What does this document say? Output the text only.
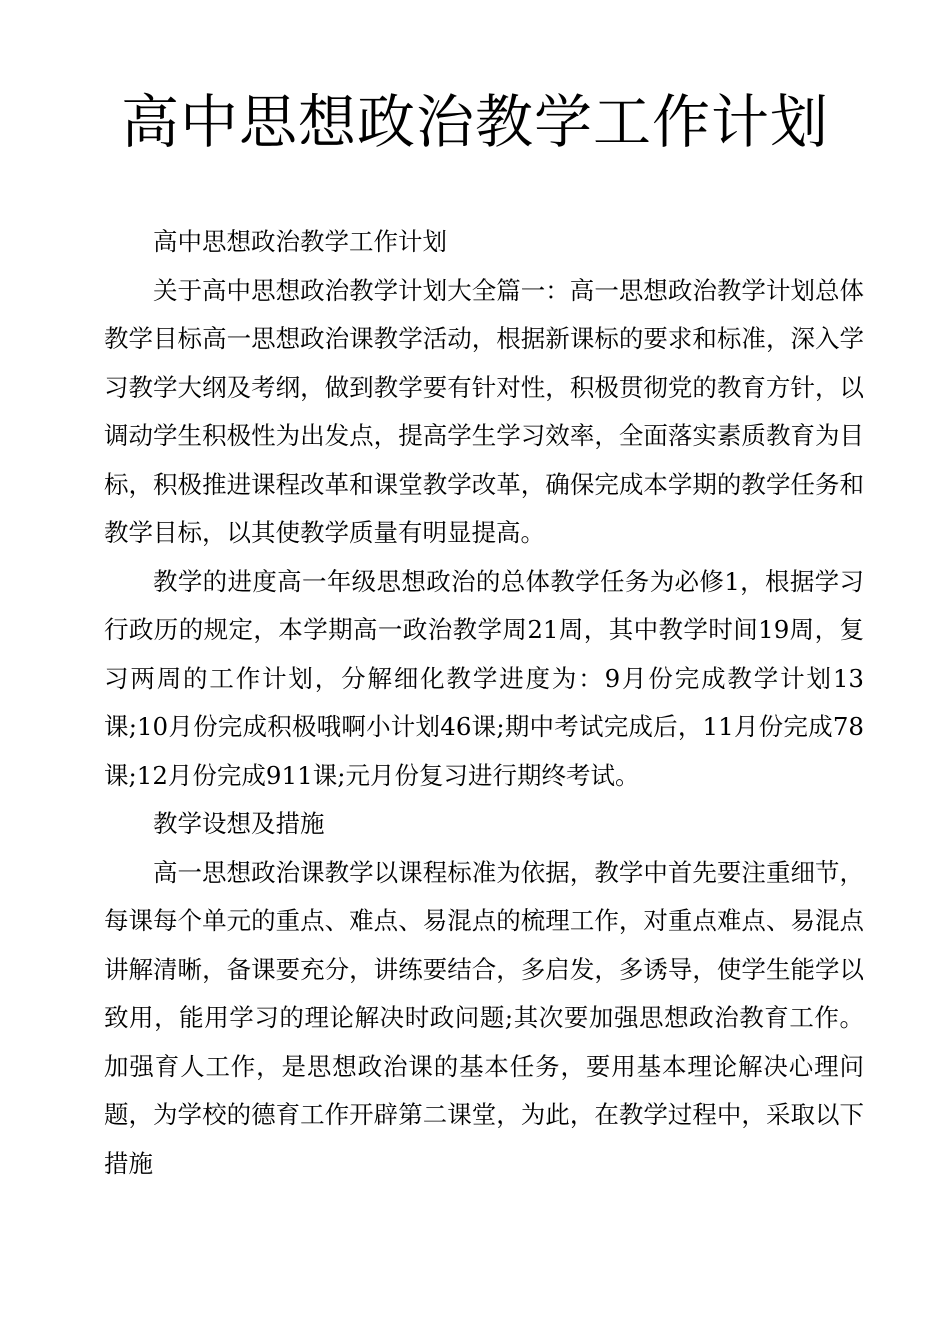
高中思想政治教学工作计划

高中思想政治教学工作计划

关于高中思想政治教学计划大全篇一：高一思想政治教学计划总体教学目标高一思想政治课教学活动，根据新课标的要求和标准，深入学习教学大纲及考纲，做到教学要有针对性，积极贯彻党的教育方针，以调动学生积极性为出发点，提高学生学习效率，全面落实素质教育为目标，积极推进课程改革和课堂教学改革，确保完成本学期的教学任务和教学目标，以其使教学质量有明显提高。

教学的进度高一年级思想政治的总体教学任务为必修1，根据学习行政历的规定，本学期高一政治教学周21周，其中教学时间19周，复习两周的工作计划，分解细化教学进度为：9月份完成教学计划13课;10月份完成积极哦啊小计划46课;期中考试完成后，11月份完成78课;12月份完成911课;元月份复习进行期终考试。

教学设想及措施

高一思想政治课教学以课程标准为依据，教学中首先要注重细节，每课每个单元的重点、难点、易混点的梳理工作，对重点难点、易混点讲解清晰，备课要充分，讲练要结合，多启发，多诱导，使学生能学以致用，能用学习的理论解决时政问题;其次要加强思想政治教育工作。加强育人工作，是思想政治课的基本任务，要用基本理论解决心理问题，为学校的德育工作开辟第二课堂，为此，在教学过程中，采取以下措施
